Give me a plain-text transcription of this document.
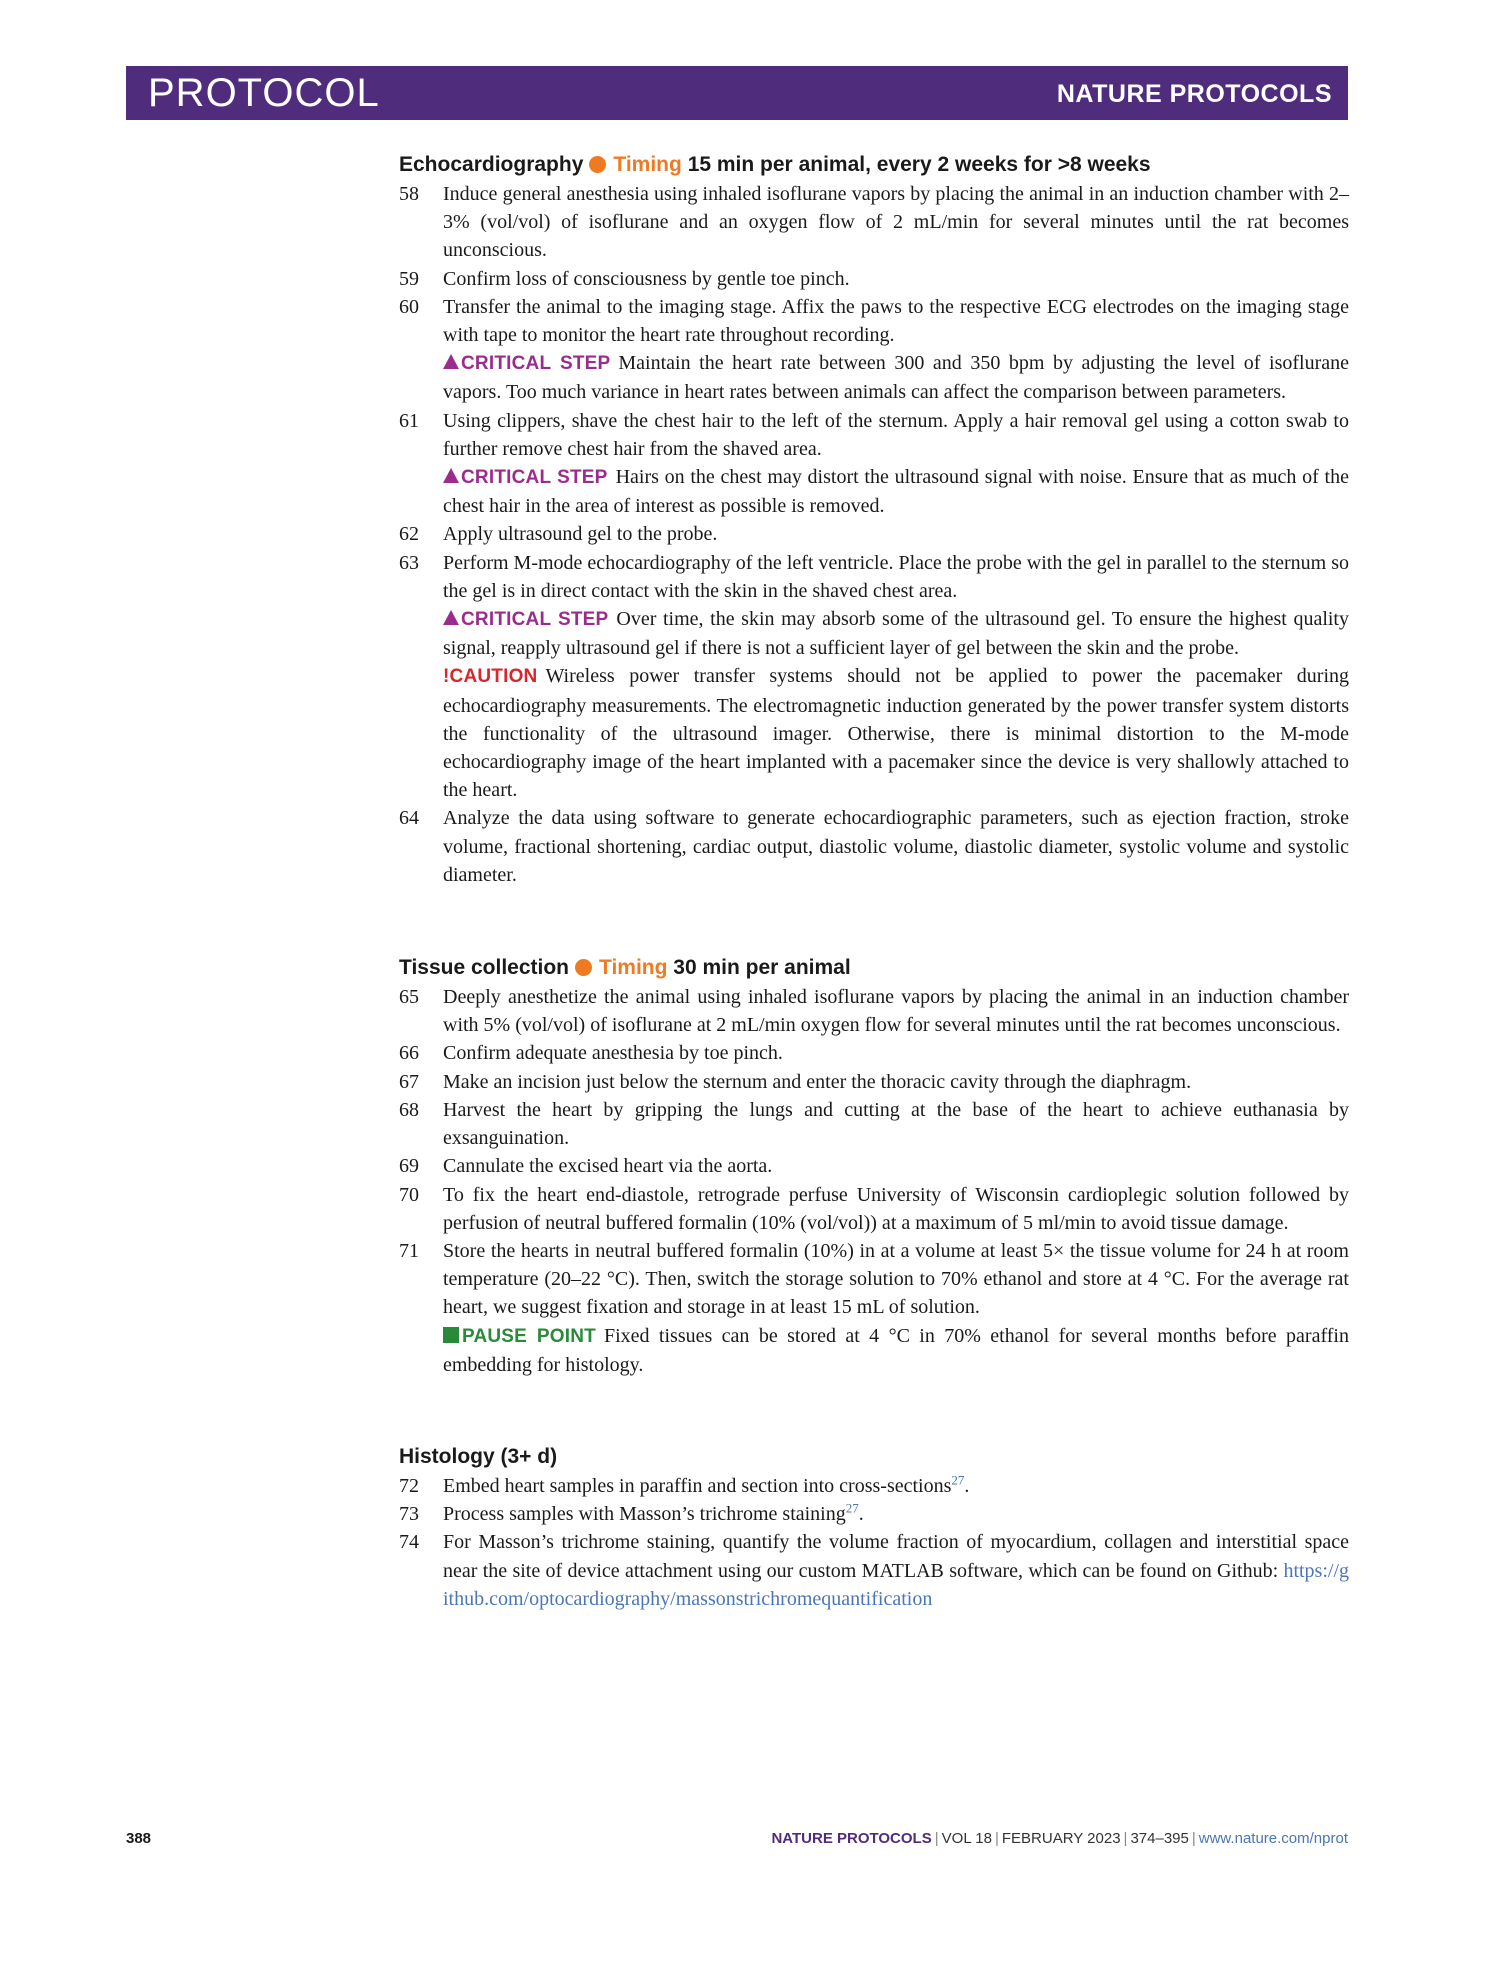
PROTOCOL	NATURE PROTOCOLS
Echocardiography Timing 15 min per animal, every 2 weeks for >8 weeks
58	Induce general anesthesia using inhaled isoflurane vapors by placing the animal in an induction chamber with 2–3% (vol/vol) of isoflurane and an oxygen flow of 2 mL/min for several minutes until the rat becomes unconscious.
59	Confirm loss of consciousness by gentle toe pinch.
60	Transfer the animal to the imaging stage. Affix the paws to the respective ECG electrodes on the imaging stage with tape to monitor the heart rate throughout recording.
CRITICAL STEP Maintain the heart rate between 300 and 350 bpm by adjusting the level of isoflurane vapors. Too much variance in heart rates between animals can affect the comparison between parameters.
61	Using clippers, shave the chest hair to the left of the sternum. Apply a hair removal gel using a cotton swab to further remove chest hair from the shaved area.
CRITICAL STEP Hairs on the chest may distort the ultrasound signal with noise. Ensure that as much of the chest hair in the area of interest as possible is removed.
62	Apply ultrasound gel to the probe.
63	Perform M-mode echocardiography of the left ventricle. Place the probe with the gel in parallel to the sternum so the gel is in direct contact with the skin in the shaved chest area.
CRITICAL STEP Over time, the skin may absorb some of the ultrasound gel. To ensure the highest quality signal, reapply ultrasound gel if there is not a sufficient layer of gel between the skin and the probe.
!CAUTION Wireless power transfer systems should not be applied to power the pacemaker during echocardiography measurements. The electromagnetic induction generated by the power transfer system distorts the functionality of the ultrasound imager. Otherwise, there is minimal distortion to the M-mode echocardiography image of the heart implanted with a pacemaker since the device is very shallowly attached to the heart.
64	Analyze the data using software to generate echocardiographic parameters, such as ejection fraction, stroke volume, fractional shortening, cardiac output, diastolic volume, diastolic diameter, systolic volume and systolic diameter.
Tissue collection Timing 30 min per animal
65	Deeply anesthetize the animal using inhaled isoflurane vapors by placing the animal in an induction chamber with 5% (vol/vol) of isoflurane at 2 mL/min oxygen flow for several minutes until the rat becomes unconscious.
66	Confirm adequate anesthesia by toe pinch.
67	Make an incision just below the sternum and enter the thoracic cavity through the diaphragm.
68	Harvest the heart by gripping the lungs and cutting at the base of the heart to achieve euthanasia by exsanguination.
69	Cannulate the excised heart via the aorta.
70	To fix the heart end-diastole, retrograde perfuse University of Wisconsin cardioplegic solution followed by perfusion of neutral buffered formalin (10% (vol/vol)) at a maximum of 5 ml/min to avoid tissue damage.
71	Store the hearts in neutral buffered formalin (10%) in at a volume at least 5× the tissue volume for 24 h at room temperature (20–22 °C). Then, switch the storage solution to 70% ethanol and store at 4 °C. For the average rat heart, we suggest fixation and storage in at least 15 mL of solution.
PAUSE POINT Fixed tissues can be stored at 4 °C in 70% ethanol for several months before paraffin embedding for histology.
Histology (3+ d)
72	Embed heart samples in paraffin and section into cross-sections$^{27}$.
73	Process samples with Masson’s trichrome staining$^{27}$.
74	For Masson’s trichrome staining, quantify the volume fraction of myocardium, collagen and interstitial space near the site of device attachment using our custom MATLAB software, which can be found on Github: https://github.com/optocardiography/massonstrichromequantification
388	NATURE PROTOCOLS | VOL 18 | FEBRUARY 2023 | 374–395 | www.nature.com/nprot
